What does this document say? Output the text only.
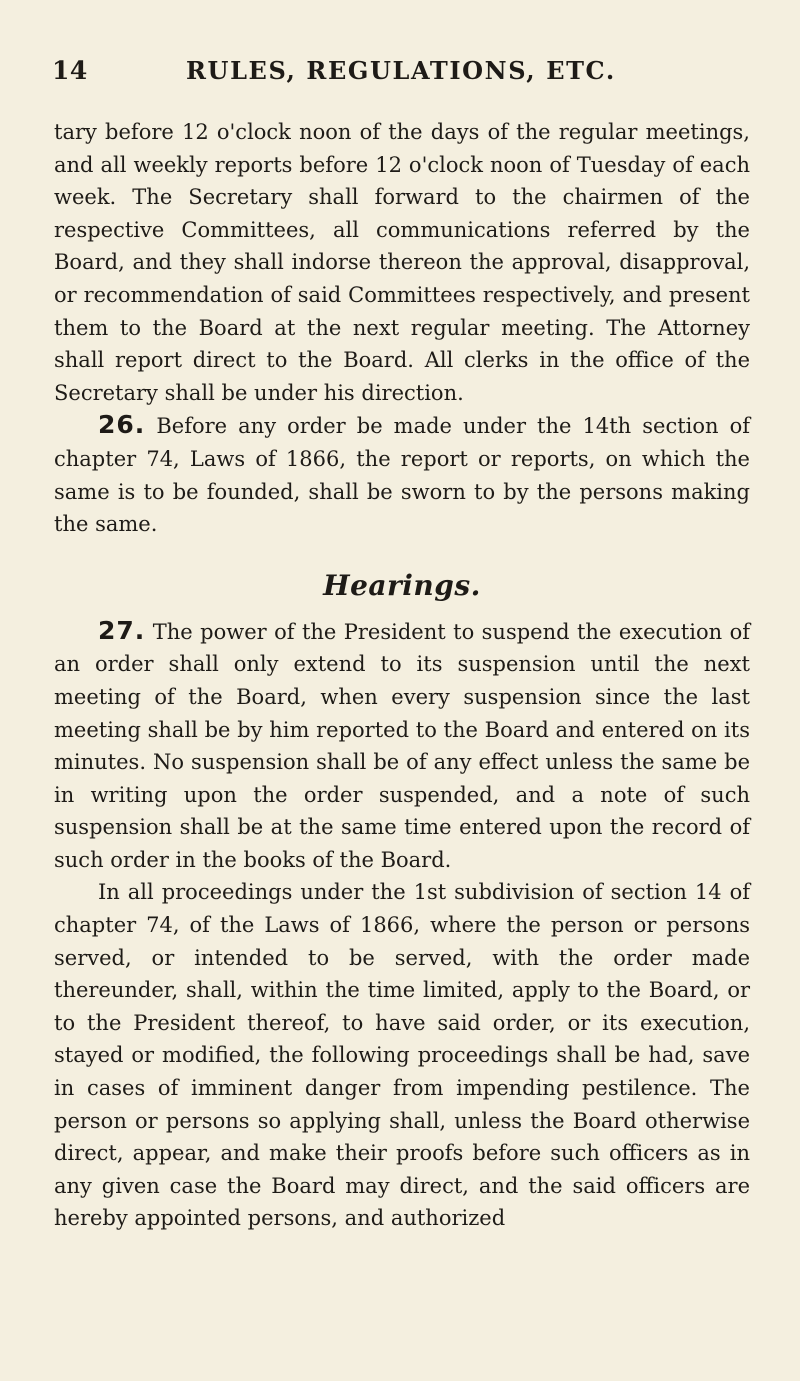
14	RULES, REGULATIONS, ETC.

tary before 12 o'clock noon of the days of the regular meetings, and all weekly reports before 12 o'clock noon of Tuesday of each week. The Secretary shall forward to the chairmen of the respective Committees, all communications referred by the Board, and they shall indorse thereon the approval, disapproval, or recommendation of said Committees respectively, and present them to the Board at the next regular meeting. The Attorney shall report direct to the Board. All clerks in the office of the Secretary shall be under his direction.

26. Before any order be made under the 14th section of chapter 74, Laws of 1866, the report or reports, on which the same is to be founded, shall be sworn to by the persons making the same.

Hearings.

27. The power of the President to suspend the execution of an order shall only extend to its suspension until the next meeting of the Board, when every suspension since the last meeting shall be by him reported to the Board and entered on its minutes. No suspension shall be of any effect unless the same be in writing upon the order suspended, and a note of such suspension shall be at the same time entered upon the record of such order in the books of the Board.

In all proceedings under the 1st subdivision of section 14 of chapter 74, of the Laws of 1866, where the person or persons served, or intended to be served, with the order made thereunder, shall, within the time limited, apply to the Board, or to the President thereof, to have said order, or its execution, stayed or modified, the following proceedings shall be had, save in cases of imminent danger from impending pestilence. The person or persons so applying shall, unless the Board otherwise direct, appear, and make their proofs before such officers as in any given case the Board may direct, and the said officers are hereby appointed persons, and authorized
